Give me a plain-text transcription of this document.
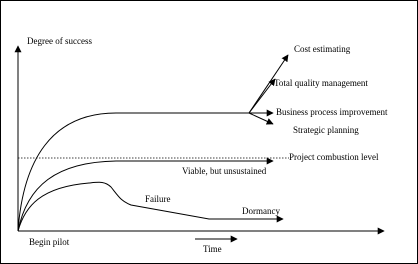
Degree of success
Cost estimating
Total quality management
Business process improvement
Strategic planning
Project combustion level
Viable, but unsustained
Failure
Dormancy
Begin pilot
Time
